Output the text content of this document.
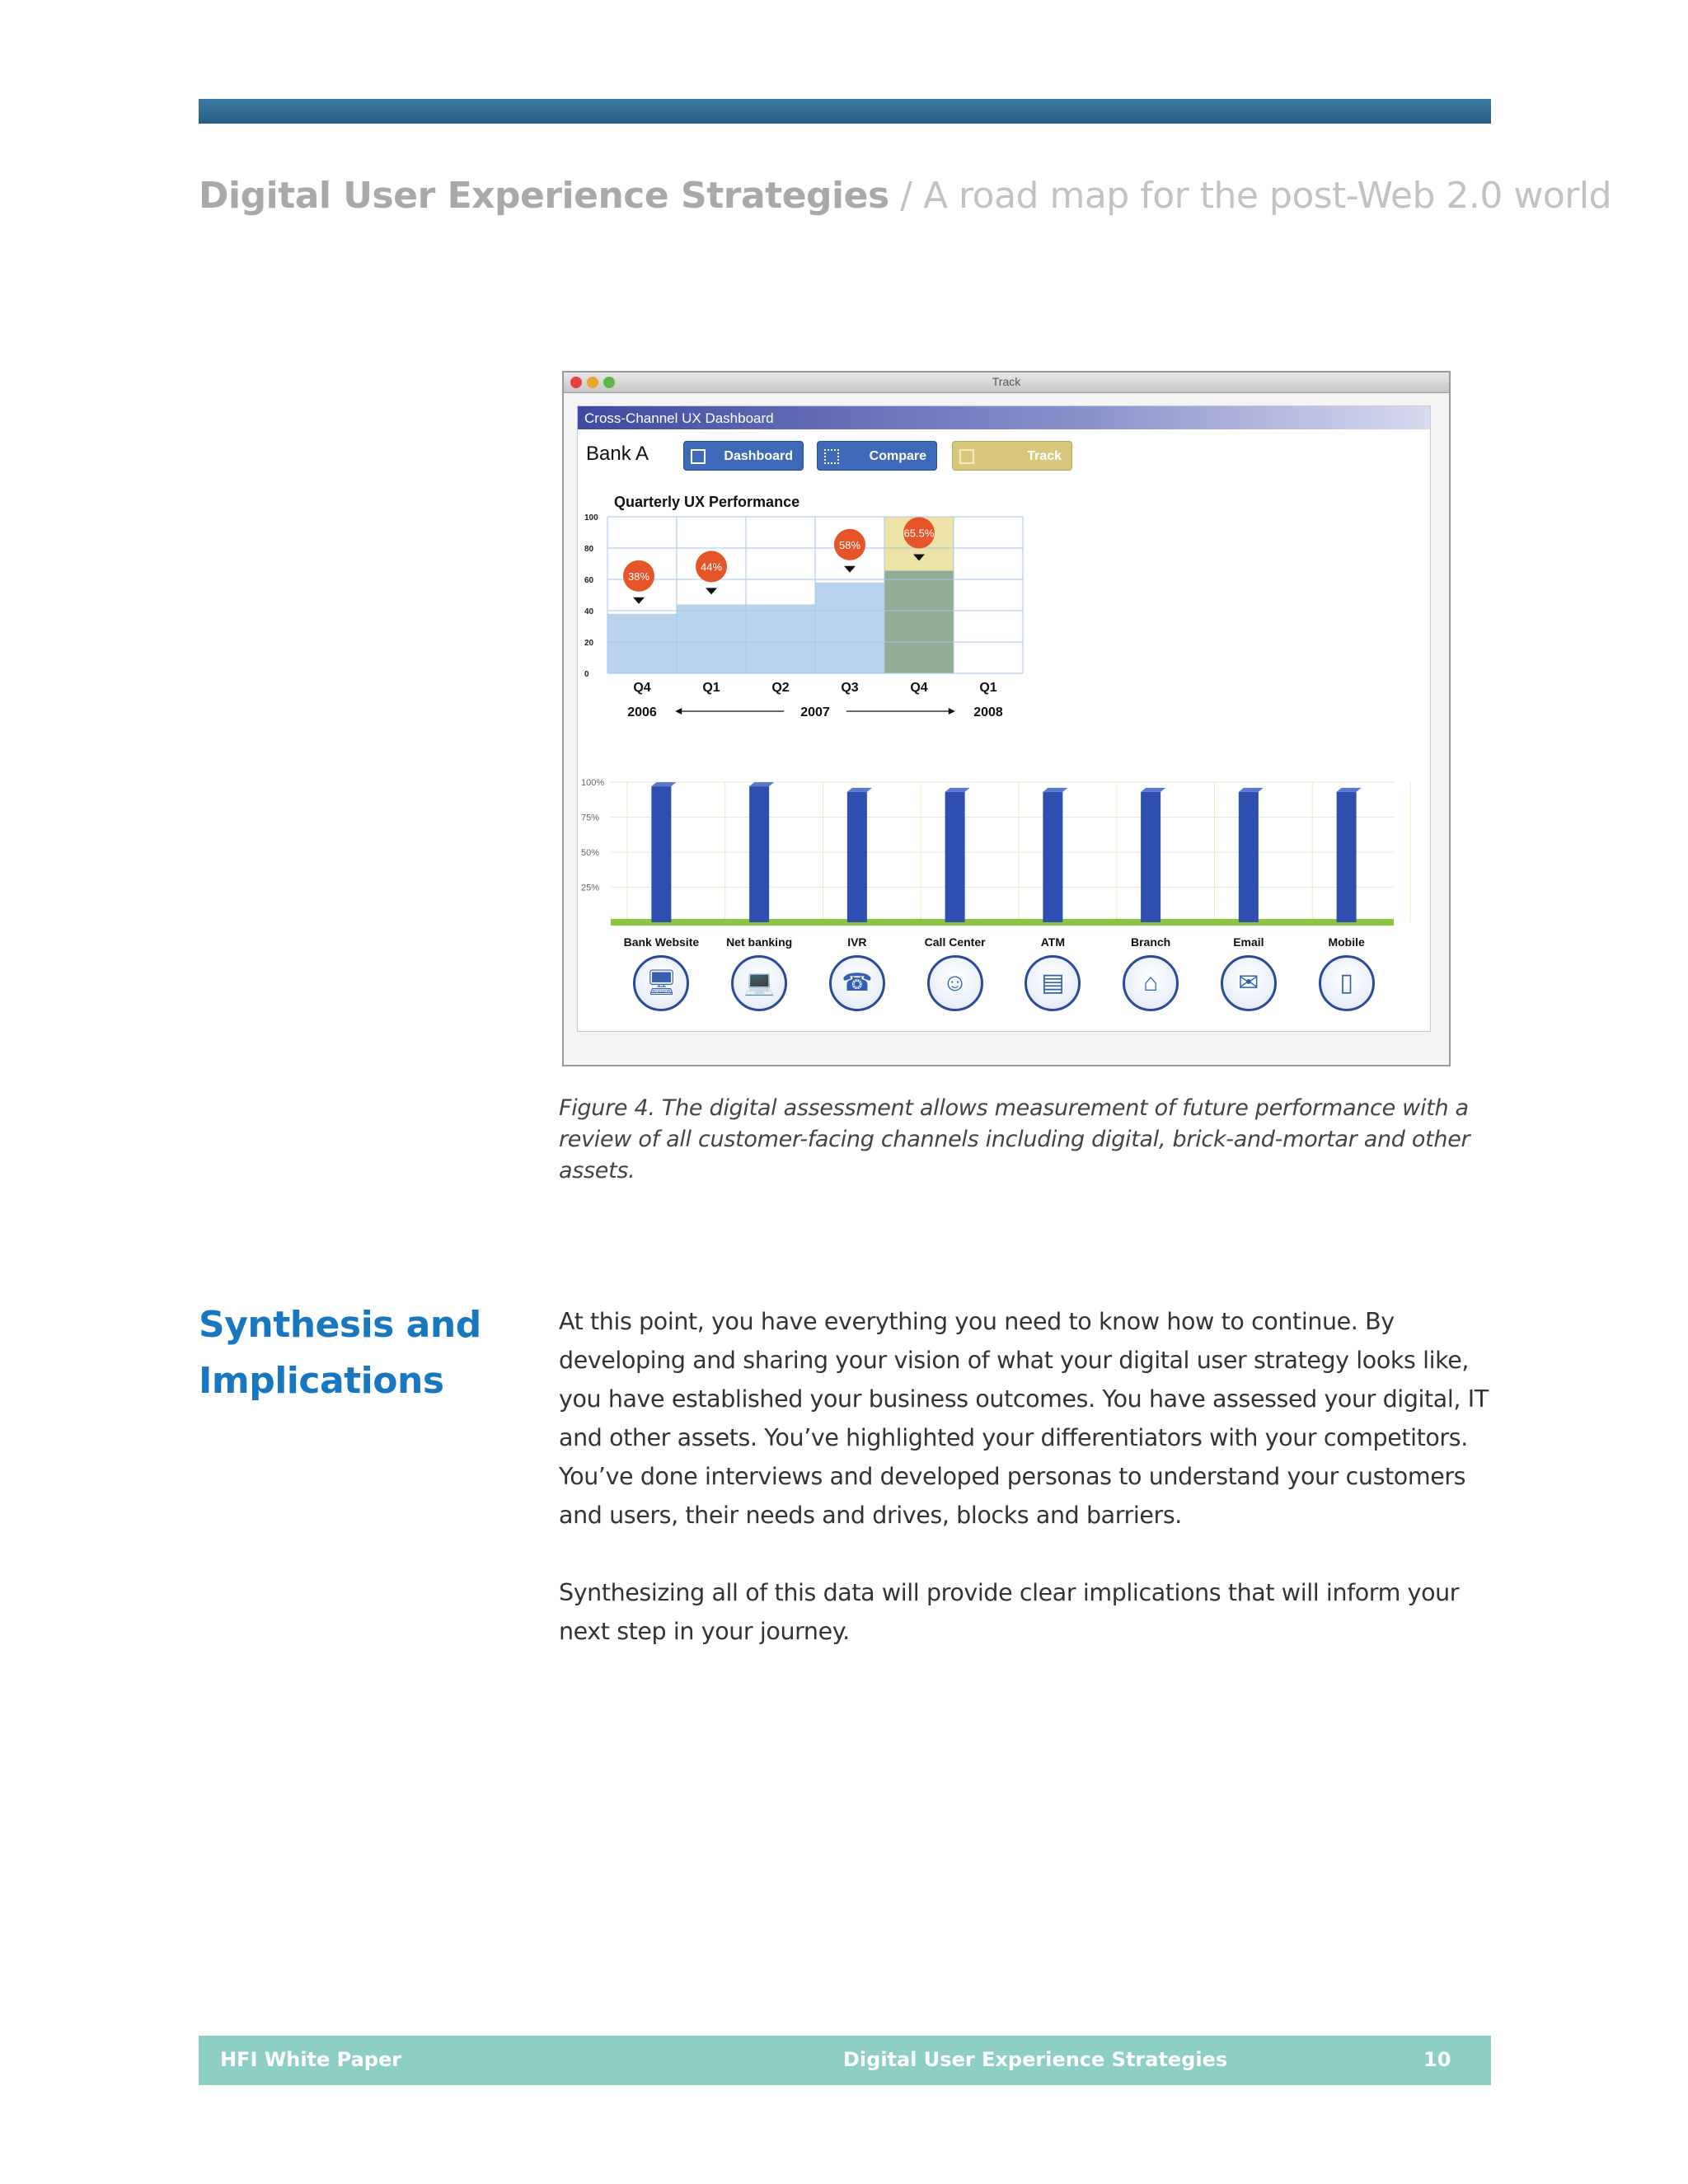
Digital User Experience Strategies / A road map for the post-Web 2.0 world
Track
Cross-Channel UX Dashboard
Bank A	Dashboard	Compare	Track
Quarterly UX Performance
100
80
60
40
20
0
Q4	Q1	Q2	Q3	Q4	Q1
38%
44%
58%
65.5%
2006	2007	2008
100%
75%
50%
25%
Bank Website
🖥
Net banking
💻
IVR
☎
Call Center
☺
ATM
▤
Branch
⌂
Email
✉
Mobile
▯
Figure 4. The digital assessment allows measurement of future performance with a review of all customer-facing channels including digital, brick-and-mortar and other assets.
Synthesis and
Implications

At this point, you have everything you need to know how to continue. By developing and sharing your vision of what your digital user strategy looks like, you have established your business outcomes. You have assessed your digital, IT and other assets. You’ve highlighted your differentiators with your competitors. You’ve done interviews and developed personas to understand your customers and users, their needs and drives, blocks and barriers.

Synthesizing all of this data will provide clear implications that will inform your next step in your journey.

HFI White Paper	Digital User Experience Strategies	10
